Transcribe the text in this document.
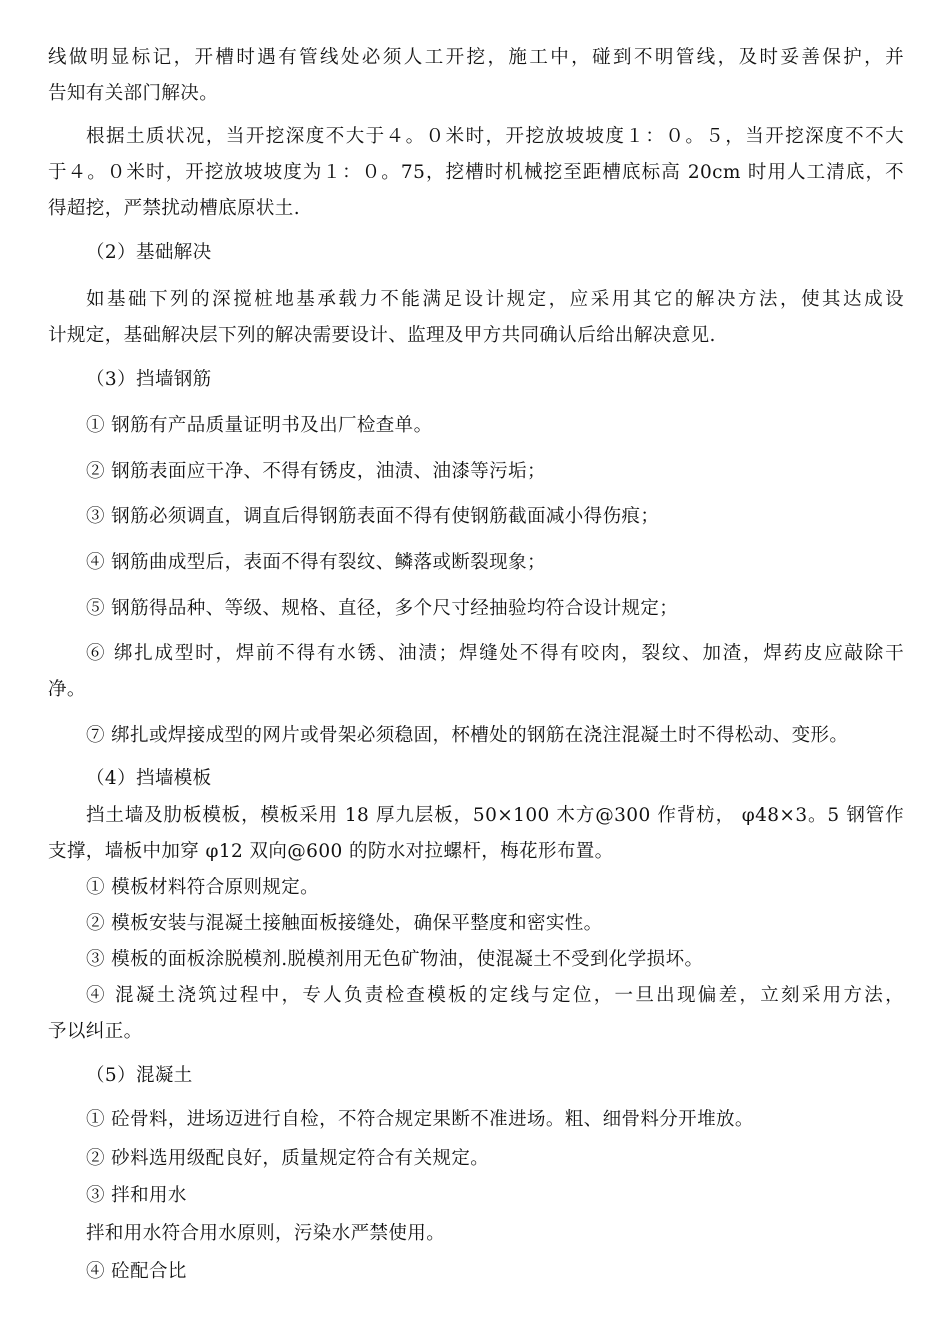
线做明显标记，开槽时遇有管线处必须人工开挖，施工中，碰到不明管线，及时妥善保护，并
告知有关部门解决。
根据土质状况，当开挖深度不大于４。０米时，开挖放坡坡度１：０。５，当开挖深度不不大
于４。０米时，开挖放坡坡度为１：０。75，挖槽时机械挖至距槽底标高 20cm 时用人工清底，不
得超挖，严禁扰动槽底原状土.
（2）基础解决
如基础下列的深搅桩地基承载力不能满足设计规定，应采用其它的解决方法，使其达成设
计规定，基础解决层下列的解决需要设计、监理及甲方共同确认后给出解决意见.
（3）挡墙钢筋
① 钢筋有产品质量证明书及出厂检查单。
② 钢筋表面应干净、不得有锈皮，油渍、油漆等污垢；
③ 钢筋必须调直，调直后得钢筋表面不得有使钢筋截面减小得伤痕；
④ 钢筋曲成型后，表面不得有裂纹、鳞落或断裂现象；
⑤ 钢筋得品种、等级、规格、直径，多个尺寸经抽验均符合设计规定；
⑥ 绑扎成型时，焊前不得有水锈、油渍；焊缝处不得有咬肉，裂纹、加渣，焊药皮应敲除干
净。
⑦ 绑扎或焊接成型的网片或骨架必须稳固，杯槽处的钢筋在浇注混凝土时不得松动、变形。
（4）挡墙模板
挡土墙及肋板模板，模板采用 18 厚九层板，50×100 木方@300 作背枋， φ48×3。5 钢管作
支撑，墙板中加穿 φ12 双向@600 的防水对拉螺杆，梅花形布置。
① 模板材料符合原则规定。
② 模板安装与混凝土接触面板接缝处，确保平整度和密实性。
③ 模板的面板涂脱模剂.脱模剂用无色矿物油，使混凝土不受到化学损坏。
④ 混凝土浇筑过程中，专人负责检查模板的定线与定位，一旦出现偏差，立刻采用方法，
予以纠正。
（5）混凝土
① 砼骨料，进场迈进行自检，不符合规定果断不准进场。粗、细骨料分开堆放。
② 砂料选用级配良好，质量规定符合有关规定。
③ 拌和用水
拌和用水符合用水原则，污染水严禁使用。
④ 砼配合比
